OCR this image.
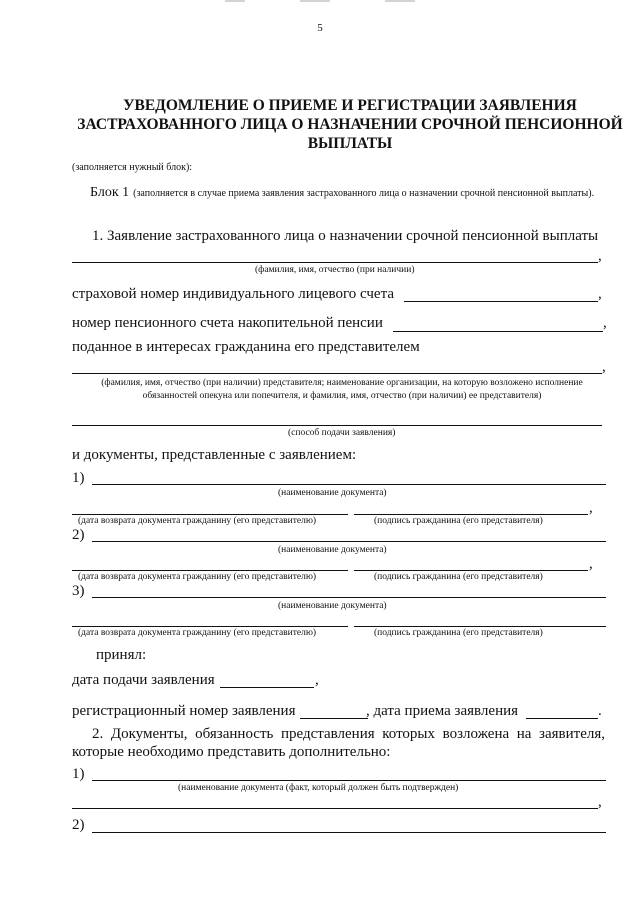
5
УВЕДОМЛЕНИЕ О ПРИЕМЕ И РЕГИСТРАЦИИ ЗАЯВЛЕНИЯ ЗАСТРАХОВАННОГО ЛИЦА О НАЗНАЧЕНИИ СРОЧНОЙ ПЕНСИОННОЙ ВЫПЛАТЫ
(заполняется нужный блок):
Блок 1 (заполняется в случае приема заявления застрахованного лица о назначении срочной пенсионной выплаты).
1. Заявление застрахованного лица о назначении срочной пенсионной выплаты
,
(фамилия, имя, отчество (при наличии)
страховой номер индивидуального лицевого счета	,
номер пенсионного счета накопительной пенсии	,
поданное в интересах гражданина его представителем
,
(фамилия, имя, отчество (при наличии) представителя; наименование организации, на которую возложено исполнение обязанностей опекуна или попечителя, и фамилия, имя, отчество (при наличии) ее представителя)
(способ подачи заявления)
и документы, представленные с заявлением:
1)
(наименование документа)
,
(дата возврата документа гражданину (его представителю)	(подпись гражданина (его представителя)
2)
(наименование документа)
,
(дата возврата документа гражданину (его представителю)	(подпись гражданина (его представителя)
3)
(наименование документа)
(дата возврата документа гражданину (его представителю)	(подпись гражданина (его представителя)
принял:
дата подачи заявления	,
регистрационный номер заявления	, дата приема заявления	.
2. Документы, обязанность представления которых возложена на заявителя, которые необходимо представить дополнительно:
1)
(наименование документа (факт, который должен быть подтвержден)
,
2)
